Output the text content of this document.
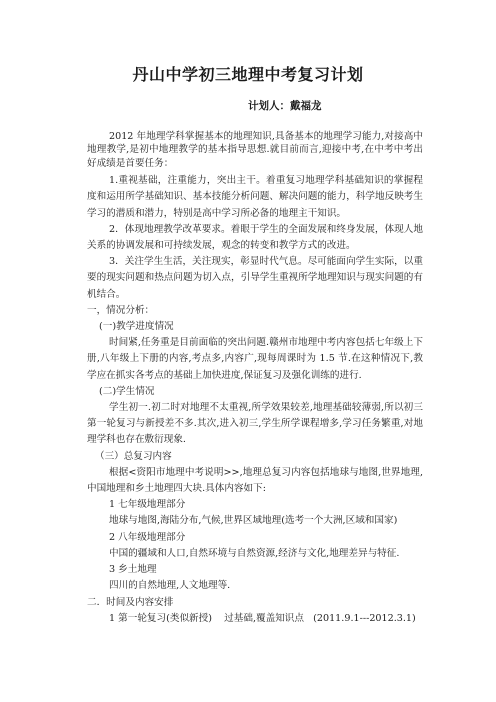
丹山中学初三地理中考复习计划
计划人：戴福龙

2012 年地理学科掌握基本的地理知识,具备基本的地理学习能力,对接高中地理教学,是初中地理教学的基本指导思想.就目前而言,迎接中考,在中考中考出好成绩是首要任务：

1.重视基础，注重能力，突出主干。着重复习地理学科基础知识的掌握程度和运用所学基础知识、基本技能分析问题、解决问题的能力，科学地反映考生学习的潜质和潜力，特别是高中学习所必备的地理主干知识。

2．体现地理教学改革要求。着眼于学生的全面发展和终身发展，体现人地关系的协调发展和可持续发展，观念的转变和教学方式的改进。

3．关注学生生活，关注现实，彰显时代气息。尽可能面向学生实际，以重要的现实问题和热点问题为切入点，引导学生重视所学地理知识与现实问题的有机结合。

一，情况分析：

(一)教学进度情况

时间紧,任务重是目前面临的突出问题.赣州市地理中考内容包括七年级上下册,八年级上下册的内容,考点多,内容广,现每周课时为 1.5 节.在这种情况下,教学应在抓实各考点的基础上加快进度,保证复习及强化训练的进行.

(二)学生情况

学生初一.初二时对地理不太重视,所学效果较差,地理基础较薄弱,所以初三第一轮复习与新授差不多.其次,进入初三,学生所学课程增多,学习任务繁重,对地理学科也存在敷衍现象.

（三）总复习内容

根据<资阳市地理中考说明>>,地理总复习内容包括地球与地图,世界地理,中国地理和乡土地理四大块.具体内容如下:

1 七年级地理部分

地球与地图,海陆分布,气候,世界区域地理(选考一个大洲,区域和国家)

2 八年级地理部分

中国的疆域和人口,自然环境与自然资源,经济与文化,地理差异与特征.

3 乡土地理

四川的自然地理,人文地理等.

二．时间及内容安排

1 第一轮复习(类似新授)    过基础,覆盖知识点   (2011.9.1---2012.3.1)
